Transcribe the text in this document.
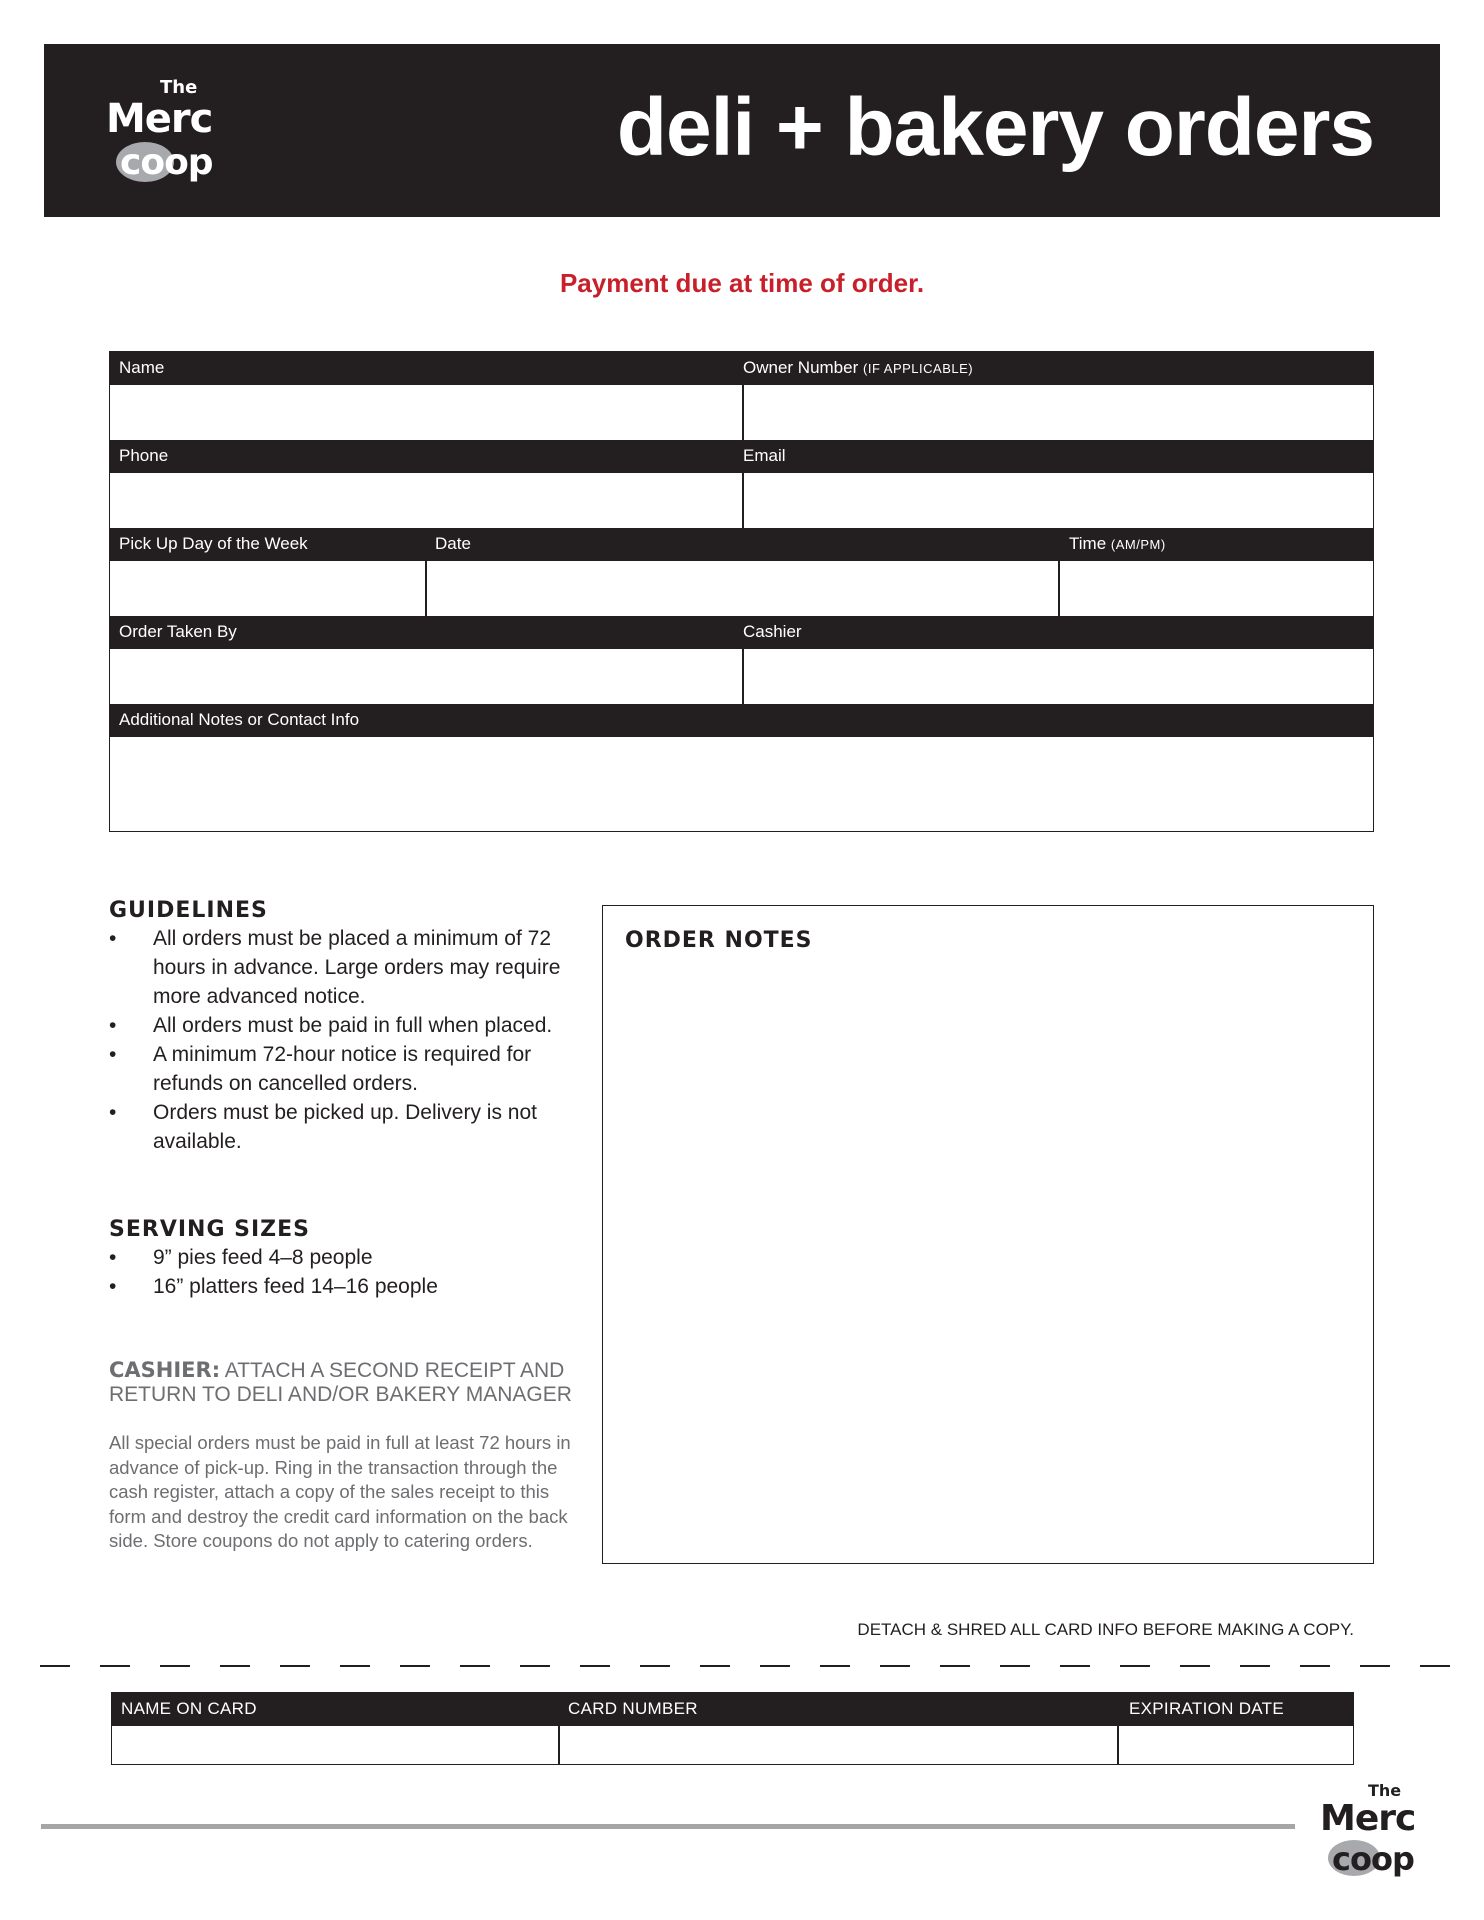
The
Merc
coop	deli + bakery orders
Payment due at time of order.
Name	Owner Number (IF APPLICABLE)
Phone	Email
Pick Up Day of the Week	Date	Time (AM/PM)
Order Taken By	Cashier
Additional Notes or Contact Info
GUIDELINES
• All orders must be placed a minimum of 72 hours in advance. Large orders may require more advanced notice.
• All orders must be paid in full when placed.
• A minimum 72-hour notice is required for refunds on cancelled orders.
• Orders must be picked up. Delivery is not available.
SERVING SIZES
• 9” pies feed 4–8 people
• 16” platters feed 14–16 people
CASHIER: ATTACH A SECOND RECEIPT AND RETURN TO DELI AND/OR BAKERY MANAGER
All special orders must be paid in full at least 72 hours in advance of pick-up. Ring in the transaction through the cash register, attach a copy of the sales receipt to this form and destroy the credit card information on the back side. Store coupons do not apply to catering orders.
ORDER NOTES
DETACH & SHRED ALL CARD INFO BEFORE MAKING A COPY.
NAME ON CARD	CARD NUMBER	EXPIRATION DATE
The
Merc
coop
